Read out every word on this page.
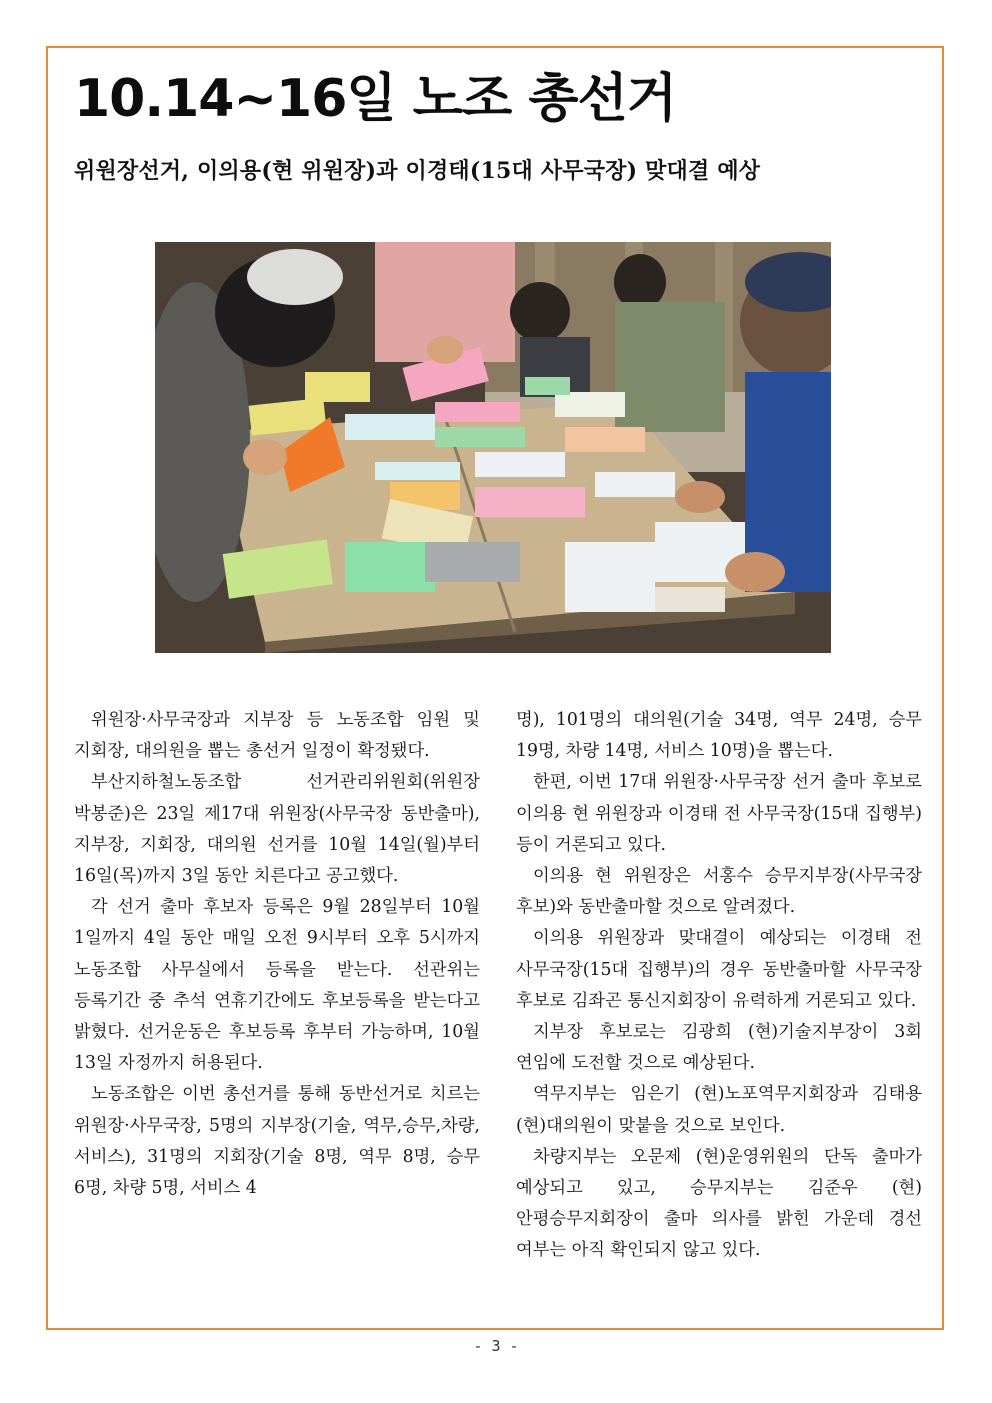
10.14~16일 노조 총선거
위원장선거, 이의용(현 위원장)과 이경태(15대 사무국장) 맞대결 예상

위원장·사무국장과 지부장 등 노동조합 임원 및 지회장, 대의원을 뽑는 총선거 일정이 확정됐다.

부산지하철노동조합 선거관리위원회(위원장 박봉준)은 23일 제17대 위원장(사무국장 동반출마), 지부장, 지회장, 대의원 선거를 10월 14일(월)부터 16일(목)까지 3일 동안 치른다고 공고했다.

각 선거 출마 후보자 등록은 9월 28일부터 10월 1일까지 4일 동안 매일 오전 9시부터 오후 5시까지 노동조합 사무실에서 등록을 받는다. 선관위는 등록기간 중 추석 연휴기간에도 후보등록을 받는다고 밝혔다. 선거운동은 후보등록 후부터 가능하며, 10월 13일 자정까지 허용된다.

노동조합은 이번 총선거를 통해 동반선거로 치르는 위원장·사무국장, 5명의 지부장(기술, 역무,승무,차량,서비스), 31명의 지회장(기술 8명, 역무 8명, 승무 6명, 차량 5명, 서비스 4

명), 101명의 대의원(기술 34명, 역무 24명, 승무 19명, 차량 14명, 서비스 10명)을 뽑는다.

한편, 이번 17대 위원장·사무국장 선거 출마 후보로 이의용 현 위원장과 이경태 전 사무국장(15대 집행부) 등이 거론되고 있다.

이의용 현 위원장은 서홍수 승무지부장(사무국장 후보)와 동반출마할 것으로 알려졌다.

이의용 위원장과 맞대결이 예상되는 이경태 전 사무국장(15대 집행부)의 경우 동반출마할 사무국장 후보로 김좌곤 통신지회장이 유력하게 거론되고 있다.

지부장 후보로는 김광희 (현)기술지부장이 3회 연임에 도전할 것으로 예상된다.

역무지부는 임은기 (현)노포역무지회장과 김태용 (현)대의원이 맞붙을 것으로 보인다.

차량지부는 오문제 (현)운영위원의 단독 출마가 예상되고 있고, 승무지부는 김준우 (현)안평승무지회장이 출마 의사를 밝힌 가운데 경선 여부는 아직 확인되지 않고 있다.

- 3 -
